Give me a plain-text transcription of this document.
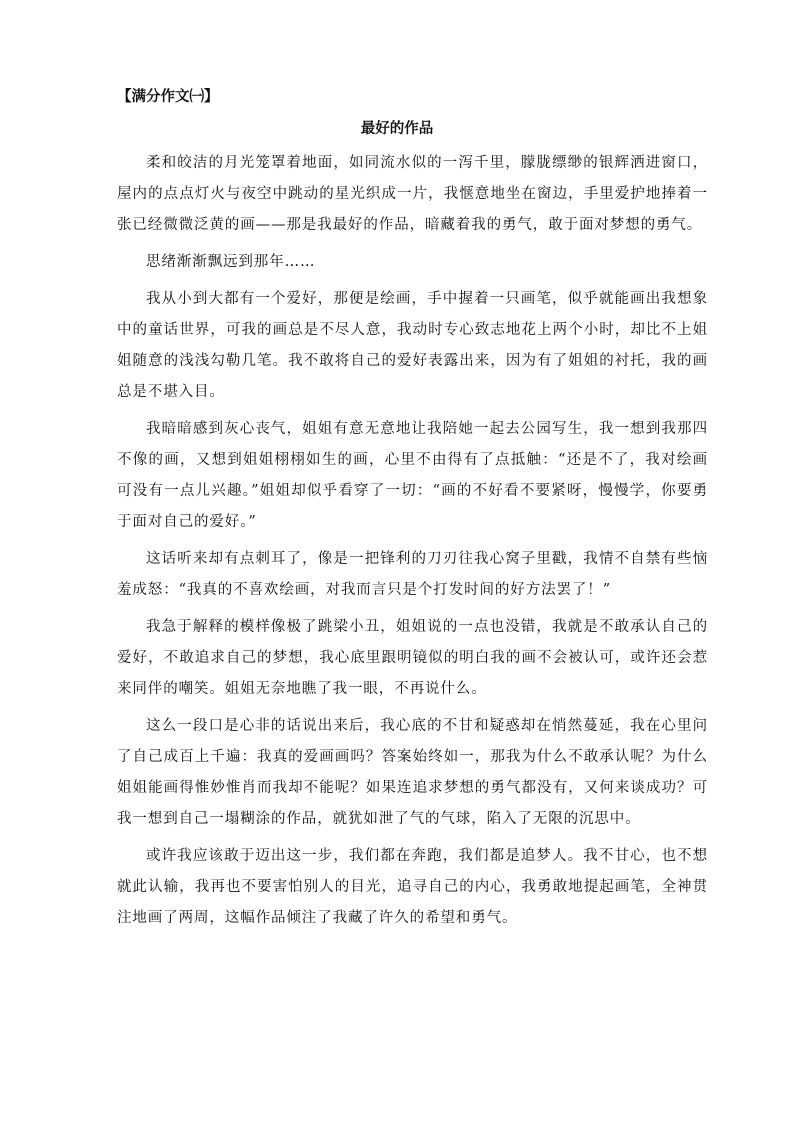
【满分作文㈠】
最好的作品

柔和皎洁的月光笼罩着地面，如同流水似的一泻千里，朦胧缥缈的银辉洒进窗口，屋内的点点灯火与夜空中跳动的星光织成一片，我惬意地坐在窗边，手里爱护地捧着一张已经微微泛黄的画——那是我最好的作品，暗藏着我的勇气，敢于面对梦想的勇气。

思绪渐渐飘远到那年……

我从小到大都有一个爱好，那便是绘画，手中握着一只画笔，似乎就能画出我想象中的童话世界，可我的画总是不尽人意，我动时专心致志地花上两个小时，却比不上姐姐随意的浅浅勾勒几笔。我不敢将自己的爱好表露出来，因为有了姐姐的衬托，我的画总是不堪入目。

我暗暗感到灰心丧气，姐姐有意无意地让我陪她一起去公园写生，我一想到我那四不像的画，又想到姐姐栩栩如生的画，心里不由得有了点抵触：“还是不了，我对绘画可没有一点儿兴趣。”姐姐却似乎看穿了一切：“画的不好看不要紧呀，慢慢学，你要勇于面对自己的爱好。”

这话听来却有点刺耳了，像是一把锋利的刀刃往我心窝子里戳，我情不自禁有些恼羞成怒：“我真的不喜欢绘画，对我而言只是个打发时间的好方法罢了！”

我急于解释的模样像极了跳梁小丑，姐姐说的一点也没错，我就是不敢承认自己的爱好，不敢追求自己的梦想，我心底里跟明镜似的明白我的画不会被认可，或许还会惹来同伴的嘲笑。姐姐无奈地瞧了我一眼，不再说什么。

这么一段口是心非的话说出来后，我心底的不甘和疑惑却在悄然蔓延，我在心里问了自己成百上千遍：我真的爱画画吗？答案始终如一，那我为什么不敢承认呢？为什么姐姐能画得惟妙惟肖而我却不能呢？如果连追求梦想的勇气都没有，又何来谈成功？可我一想到自己一塌糊涂的作品，就犹如泄了气的气球，陷入了无限的沉思中。

或许我应该敢于迈出这一步，我们都在奔跑，我们都是追梦人。我不甘心，也不想就此认输，我再也不要害怕别人的目光，追寻自己的内心，我勇敢地提起画笔，全神贯注地画了两周，这幅作品倾注了我藏了许久的希望和勇气。
